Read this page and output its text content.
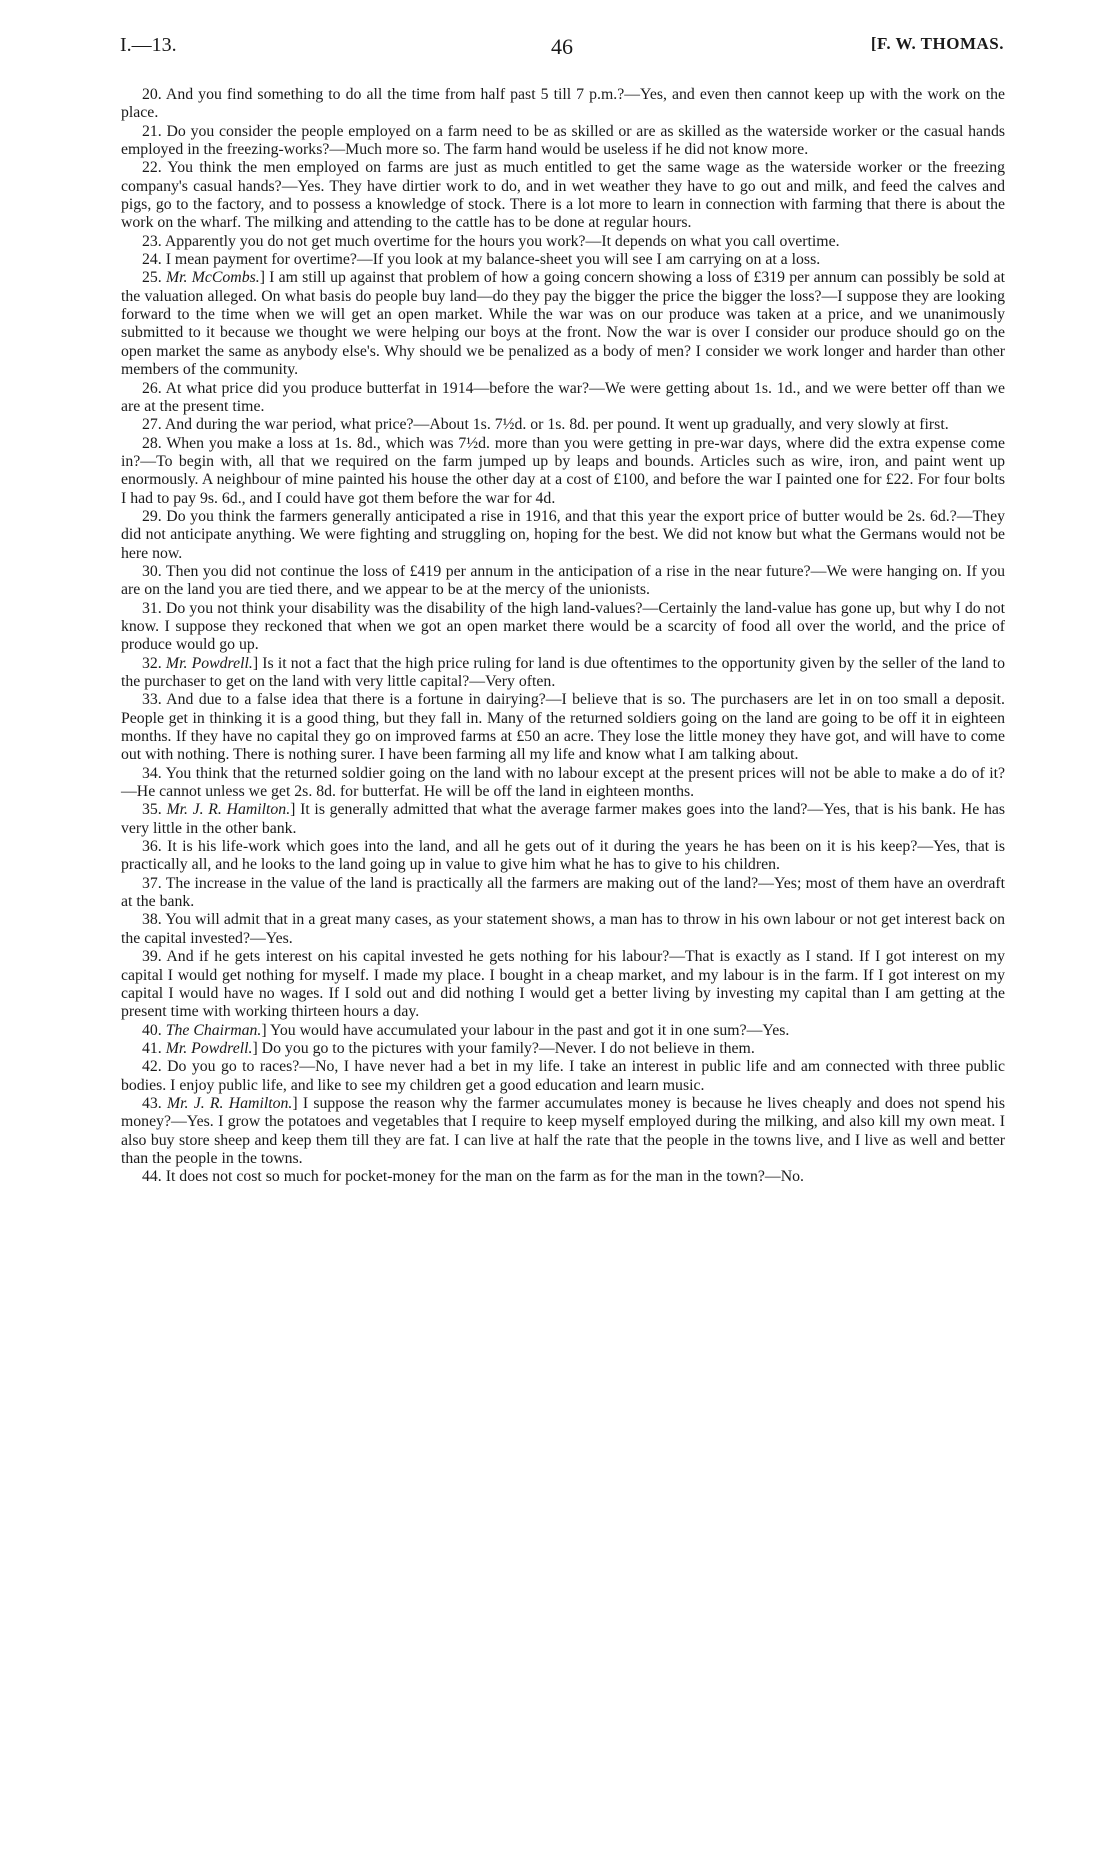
I.—13.	46	[F. W. THOMAS.

20. And you find something to do all the time from half past 5 till 7 p.m.?—Yes, and even then cannot keep up with the work on the place.

21. Do you consider the people employed on a farm need to be as skilled or are as skilled as the waterside worker or the casual hands employed in the freezing-works?—Much more so. The farm hand would be useless if he did not know more.

22. You think the men employed on farms are just as much entitled to get the same wage as the waterside worker or the freezing company's casual hands?—Yes. They have dirtier work to do, and in wet weather they have to go out and milk, and feed the calves and pigs, go to the factory, and to possess a knowledge of stock. There is a lot more to learn in connection with farming that there is about the work on the wharf. The milking and attending to the cattle has to be done at regular hours.

23. Apparently you do not get much overtime for the hours you work?—It depends on what you call overtime.

24. I mean payment for overtime?—If you look at my balance-sheet you will see I am carrying on at a loss.

25. Mr. McCombs.] I am still up against that problem of how a going concern showing a loss of £319 per annum can possibly be sold at the valuation alleged. On what basis do people buy land—do they pay the bigger the price the bigger the loss?—I suppose they are looking forward to the time when we will get an open market. While the war was on our produce was taken at a price, and we unanimously submitted to it because we thought we were helping our boys at the front. Now the war is over I consider our produce should go on the open market the same as anybody else's. Why should we be penalized as a body of men? I consider we work longer and harder than other members of the community.

26. At what price did you produce butterfat in 1914—before the war?—We were getting about 1s. 1d., and we were better off than we are at the present time.

27. And during the war period, what price?—About 1s. 7½d. or 1s. 8d. per pound. It went up gradually, and very slowly at first.

28. When you make a loss at 1s. 8d., which was 7½d. more than you were getting in pre-war days, where did the extra expense come in?—To begin with, all that we required on the farm jumped up by leaps and bounds. Articles such as wire, iron, and paint went up enormously. A neighbour of mine painted his house the other day at a cost of £100, and before the war I painted one for £22. For four bolts I had to pay 9s. 6d., and I could have got them before the war for 4d.

29. Do you think the farmers generally anticipated a rise in 1916, and that this year the export price of butter would be 2s. 6d.?—They did not anticipate anything. We were fighting and struggling on, hoping for the best. We did not know but what the Germans would not be here now.

30. Then you did not continue the loss of £419 per annum in the anticipation of a rise in the near future?—We were hanging on. If you are on the land you are tied there, and we appear to be at the mercy of the unionists.

31. Do you not think your disability was the disability of the high land-values?—Certainly the land-value has gone up, but why I do not know. I suppose they reckoned that when we got an open market there would be a scarcity of food all over the world, and the price of produce would go up.

32. Mr. Powdrell.] Is it not a fact that the high price ruling for land is due oftentimes to the opportunity given by the seller of the land to the purchaser to get on the land with very little capital?—Very often.

33. And due to a false idea that there is a fortune in dairying?—I believe that is so. The purchasers are let in on too small a deposit. People get in thinking it is a good thing, but they fall in. Many of the returned soldiers going on the land are going to be off it in eighteen months. If they have no capital they go on improved farms at £50 an acre. They lose the little money they have got, and will have to come out with nothing. There is nothing surer. I have been farming all my life and know what I am talking about.

34. You think that the returned soldier going on the land with no labour except at the present prices will not be able to make a do of it?—He cannot unless we get 2s. 8d. for butterfat. He will be off the land in eighteen months.

35. Mr. J. R. Hamilton.] It is generally admitted that what the average farmer makes goes into the land?—Yes, that is his bank. He has very little in the other bank.

36. It is his life-work which goes into the land, and all he gets out of it during the years he has been on it is his keep?—Yes, that is practically all, and he looks to the land going up in value to give him what he has to give to his children.

37. The increase in the value of the land is practically all the farmers are making out of the land?—Yes; most of them have an overdraft at the bank.

38. You will admit that in a great many cases, as your statement shows, a man has to throw in his own labour or not get interest back on the capital invested?—Yes.

39. And if he gets interest on his capital invested he gets nothing for his labour?—That is exactly as I stand. If I got interest on my capital I would get nothing for myself. I made my place. I bought in a cheap market, and my labour is in the farm. If I got interest on my capital I would have no wages. If I sold out and did nothing I would get a better living by investing my capital than I am getting at the present time with working thirteen hours a day.

40. The Chairman.] You would have accumulated your labour in the past and got it in one sum?—Yes.

41. Mr. Powdrell.] Do you go to the pictures with your family?—Never. I do not believe in them.

42. Do you go to races?—No, I have never had a bet in my life. I take an interest in public life and am connected with three public bodies. I enjoy public life, and like to see my children get a good education and learn music.

43. Mr. J. R. Hamilton.] I suppose the reason why the farmer accumulates money is because he lives cheaply and does not spend his money?—Yes. I grow the potatoes and vegetables that I require to keep myself employed during the milking, and also kill my own meat. I also buy store sheep and keep them till they are fat. I can live at half the rate that the people in the towns live, and I live as well and better than the people in the towns.

44. It does not cost so much for pocket-money for the man on the farm as for the man in the town?—No.
